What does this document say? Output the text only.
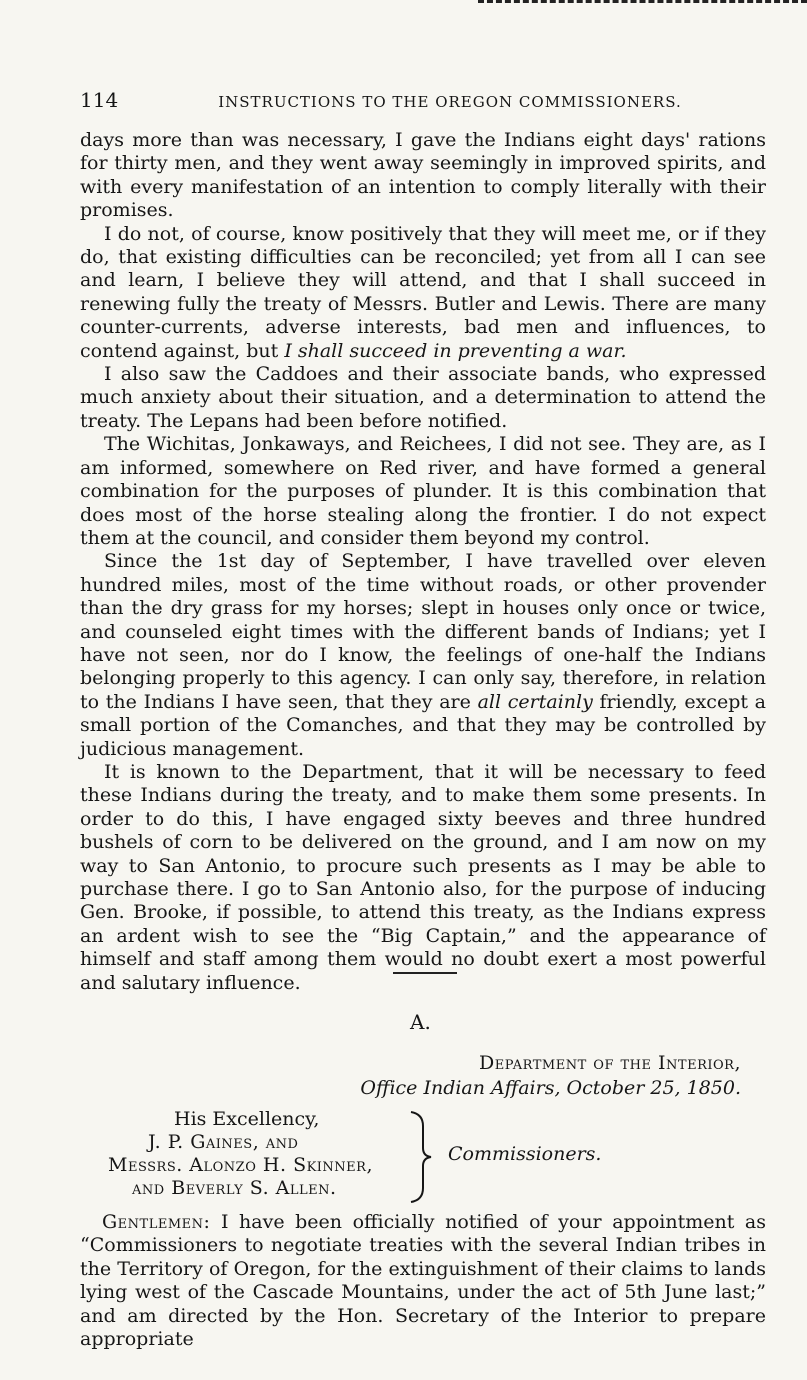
114	INSTRUCTIONS TO THE OREGON COMMISSIONERS.

days more than was necessary, I gave the Indians eight days' rations for thirty men, and they went away seemingly in improved spirits, and with every manifestation of an intention to comply literally with their promises.

I do not, of course, know positively that they will meet me, or if they do, that existing difficulties can be reconciled; yet from all I can see and learn, I believe they will attend, and that I shall succeed in renewing fully the treaty of Messrs. Butler and Lewis. There are many counter-currents, adverse interests, bad men and influences, to contend against, but I shall succeed in preventing a war.

I also saw the Caddoes and their associate bands, who expressed much anxiety about their situation, and a determination to attend the treaty. The Lepans had been before notified.

The Wichitas, Jonkaways, and Reichees, I did not see. They are, as I am informed, somewhere on Red river, and have formed a general combination for the purposes of plunder. It is this combination that does most of the horse stealing along the frontier. I do not expect them at the council, and consider them beyond my control.

Since the 1st day of September, I have travelled over eleven hundred miles, most of the time without roads, or other provender than the dry grass for my horses; slept in houses only once or twice, and counseled eight times with the different bands of Indians; yet I have not seen, nor do I know, the feelings of one-half the Indians belonging properly to this agency. I can only say, therefore, in relation to the Indians I have seen, that they are all certainly friendly, except a small portion of the Comanches, and that they may be controlled by judicious management.

It is known to the Department, that it will be necessary to feed these Indians during the treaty, and to make them some presents. In order to do this, I have engaged sixty beeves and three hundred bushels of corn to be delivered on the ground, and I am now on my way to San Antonio, to procure such presents as I may be able to purchase there. I go to San Antonio also, for the purpose of inducing Gen. Brooke, if possible, to attend this treaty, as the Indians express an ardent wish to see the “Big Captain,” and the appearance of himself and staff among them would no doubt exert a most powerful and salutary influence.

A.
Department of the Interior,
Office Indian Affairs, October 25, 1850.
His Excellency,
J. P. Gaines, and
Messrs. Alonzo H. Skinner,
and Beverly S. Allen.
Commissioners.
Gentlemen: I have been officially notified of your appointment as “Commissioners to negotiate treaties with the several Indian tribes in the Territory of Oregon, for the extinguishment of their claims to lands lying west of the Cascade Mountains, under the act of 5th June last;” and am directed by the Hon. Secretary of the Interior to prepare appropriate
